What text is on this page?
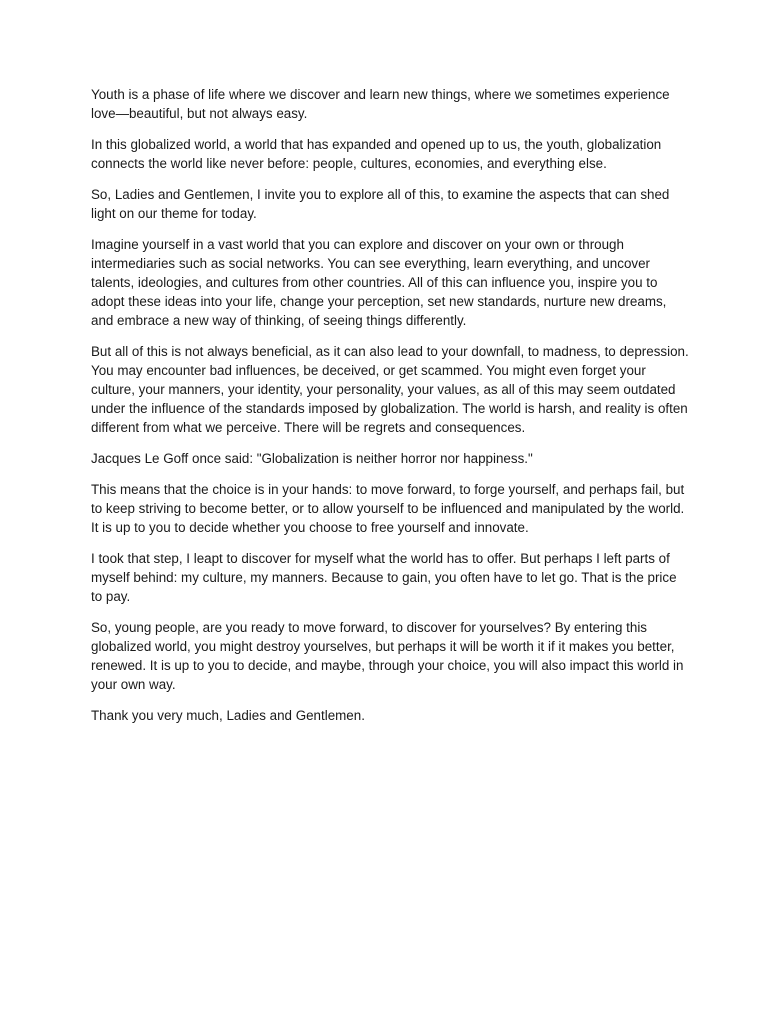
Youth is a phase of life where we discover and learn new things, where we sometimes experience love—beautiful, but not always easy.

In this globalized world, a world that has expanded and opened up to us, the youth, globalization connects the world like never before: people, cultures, economies, and everything else.

So, Ladies and Gentlemen, I invite you to explore all of this, to examine the aspects that can shed light on our theme for today.

Imagine yourself in a vast world that you can explore and discover on your own or through intermediaries such as social networks. You can see everything, learn everything, and uncover talents, ideologies, and cultures from other countries. All of this can influence you, inspire you to adopt these ideas into your life, change your perception, set new standards, nurture new dreams, and embrace a new way of thinking, of seeing things differently.

But all of this is not always beneficial, as it can also lead to your downfall, to madness, to depression. You may encounter bad influences, be deceived, or get scammed. You might even forget your culture, your manners, your identity, your personality, your values, as all of this may seem outdated under the influence of the standards imposed by globalization. The world is harsh, and reality is often different from what we perceive. There will be regrets and consequences.

Jacques Le Goff once said: "Globalization is neither horror nor happiness."

This means that the choice is in your hands: to move forward, to forge yourself, and perhaps fail, but to keep striving to become better, or to allow yourself to be influenced and manipulated by the world. It is up to you to decide whether you choose to free yourself and innovate.

I took that step, I leapt to discover for myself what the world has to offer. But perhaps I left parts of myself behind: my culture, my manners. Because to gain, you often have to let go. That is the price to pay.

So, young people, are you ready to move forward, to discover for yourselves? By entering this globalized world, you might destroy yourselves, but perhaps it will be worth it if it makes you better, renewed. It is up to you to decide, and maybe, through your choice, you will also impact this world in your own way.

Thank you very much, Ladies and Gentlemen.
